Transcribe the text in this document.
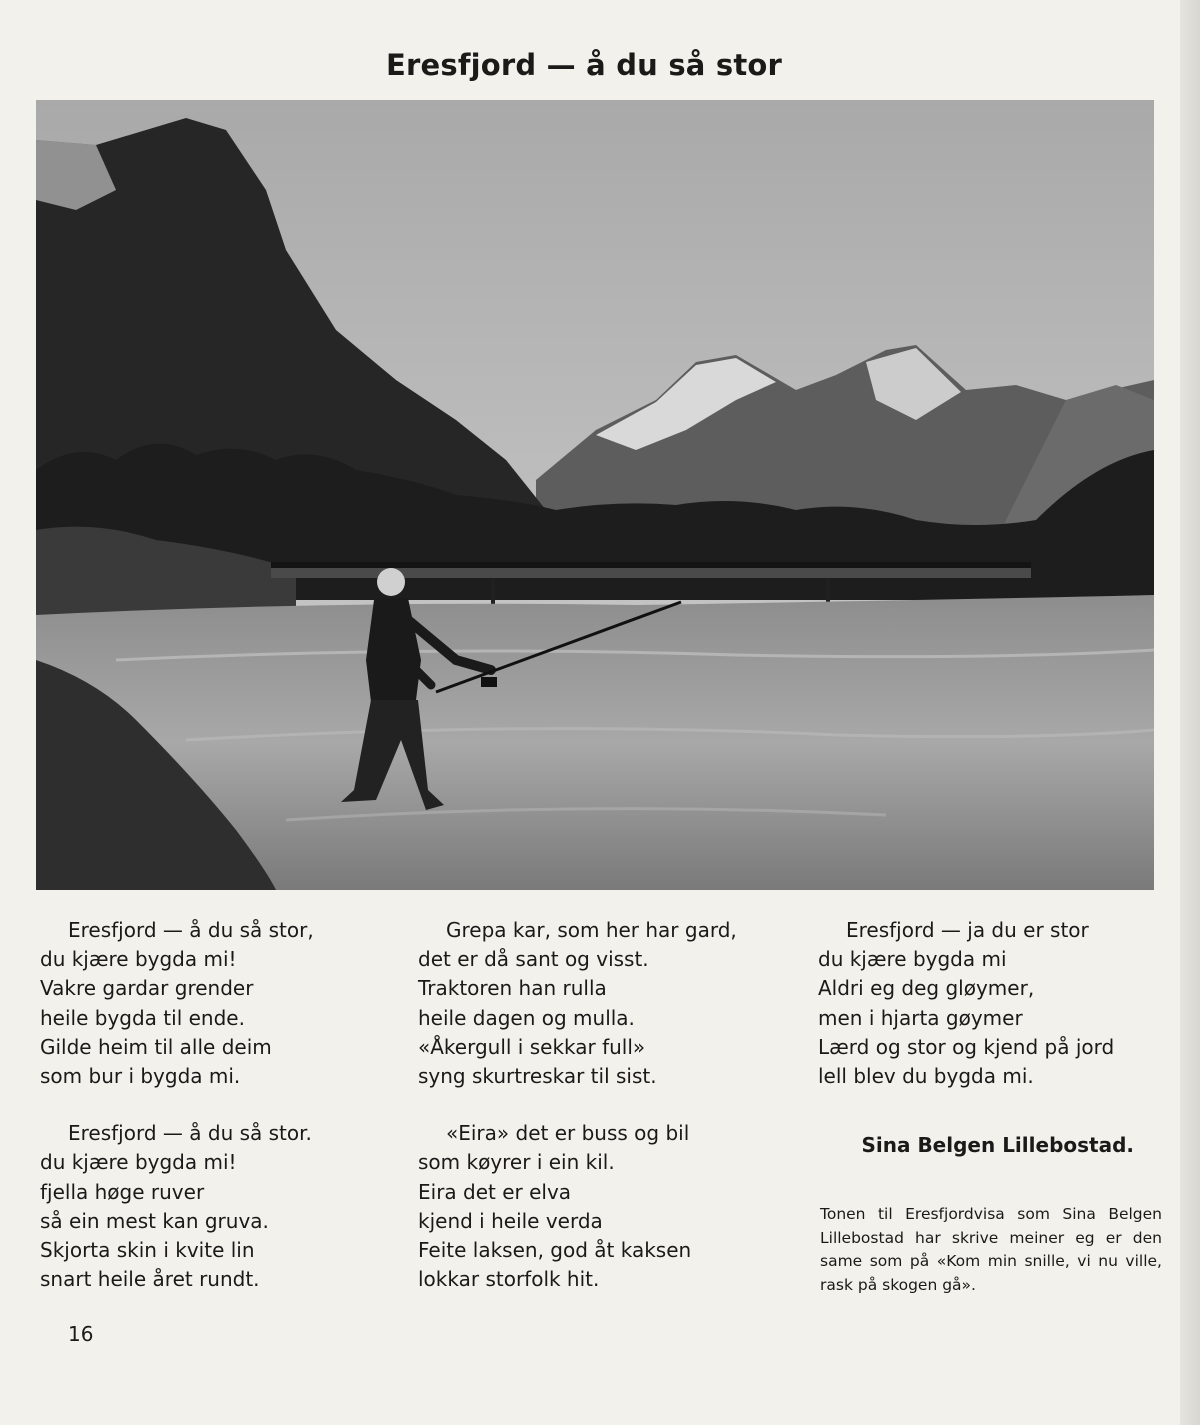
Eresfjord — å du så stor
Eresfjord — å du så stor,
du kjære bygda mi!
Vakre gardar grender
heile bygda til ende.
Gilde heim til alle deim
som bur i bygda mi.
Eresfjord — å du så stor.
du kjære bygda mi!
fjella høge ruver
så ein mest kan gruva.
Skjorta skin i kvite lin
snart heile året rundt.
Grepa kar, som her har gard,
det er då sant og visst.
Traktoren han rulla
heile dagen og mulla.
«Åkergull i sekkar full»
syng skurtreskar til sist.
«Eira» det er buss og bil
som køyrer i ein kil.
Eira det er elva
kjend i heile verda
Feite laksen, god åt kaksen
lokkar storfolk hit.
Eresfjord — ja du er stor
du kjære bygda mi
Aldri eg deg gløymer,
men i hjarta gøymer
Lærd og stor og kjend på jord
lell blev du bygda mi.
Sina Belgen Lillebostad.
Tonen til Eresfjordvisa som Sina Belgen Lillebostad har skrive meiner eg er den same som på «Kom min snille, vi nu ville, rask på skogen gå».
16
